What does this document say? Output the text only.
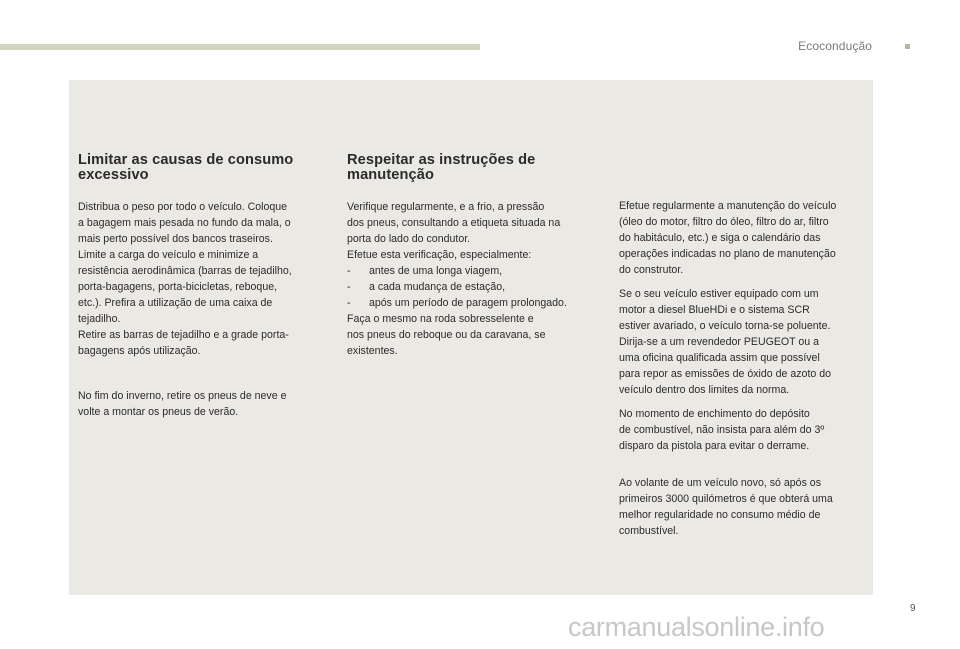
Ecocondução
Limitar as causas de consumo
excessivo

Distribua o peso por todo o veículo. Coloque

a bagagem mais pesada no fundo da mala, o

mais perto possível dos bancos traseiros.

Limite a carga do veículo e minimize a

resistência aerodinâmica (barras de tejadilho,

porta-bagagens, porta-bicicletas, reboque,

etc.). Prefira a utilização de uma caixa de

tejadilho.

Retire as barras de tejadilho e a grade porta-

bagagens após utilização.

No fim do inverno, retire os pneus de neve e

volte a montar os pneus de verão.

Respeitar as instruções de
manutenção

Verifique regularmente, e a frio, a pressão

dos pneus, consultando a etiqueta situada na

porta do lado do condutor.

Efetue esta verificação, especialmente:

-	antes de uma longa viagem,

-	a cada mudança de estação,

-	após um período de paragem prolongado.

Faça o mesmo na roda sobresselente e

nos pneus do reboque ou da caravana, se

existentes.

Efetue regularmente a manutenção do veículo

(óleo do motor, filtro do óleo, filtro do ar, filtro

do habitáculo, etc.) e siga o calendário das

operações indicadas no plano de manutenção

do construtor.

Se o seu veículo estiver equipado com um

motor a diesel BlueHDi e o sistema SCR

estiver avariado, o veículo torna-se poluente.

Dirija-se a um revendedor PEUGEOT ou a

uma oficina qualificada assim que possível

para repor as emissões de óxido de azoto do

veículo dentro dos limites da norma.

No momento de enchimento do depósito

de combustível, não insista para além do 3º

disparo da pistola para evitar o derrame.

Ao volante de um veículo novo, só após os

primeiros 3000 quilómetros é que obterá uma

melhor regularidade no consumo médio de

combustível.

9
carmanualsonline.info
